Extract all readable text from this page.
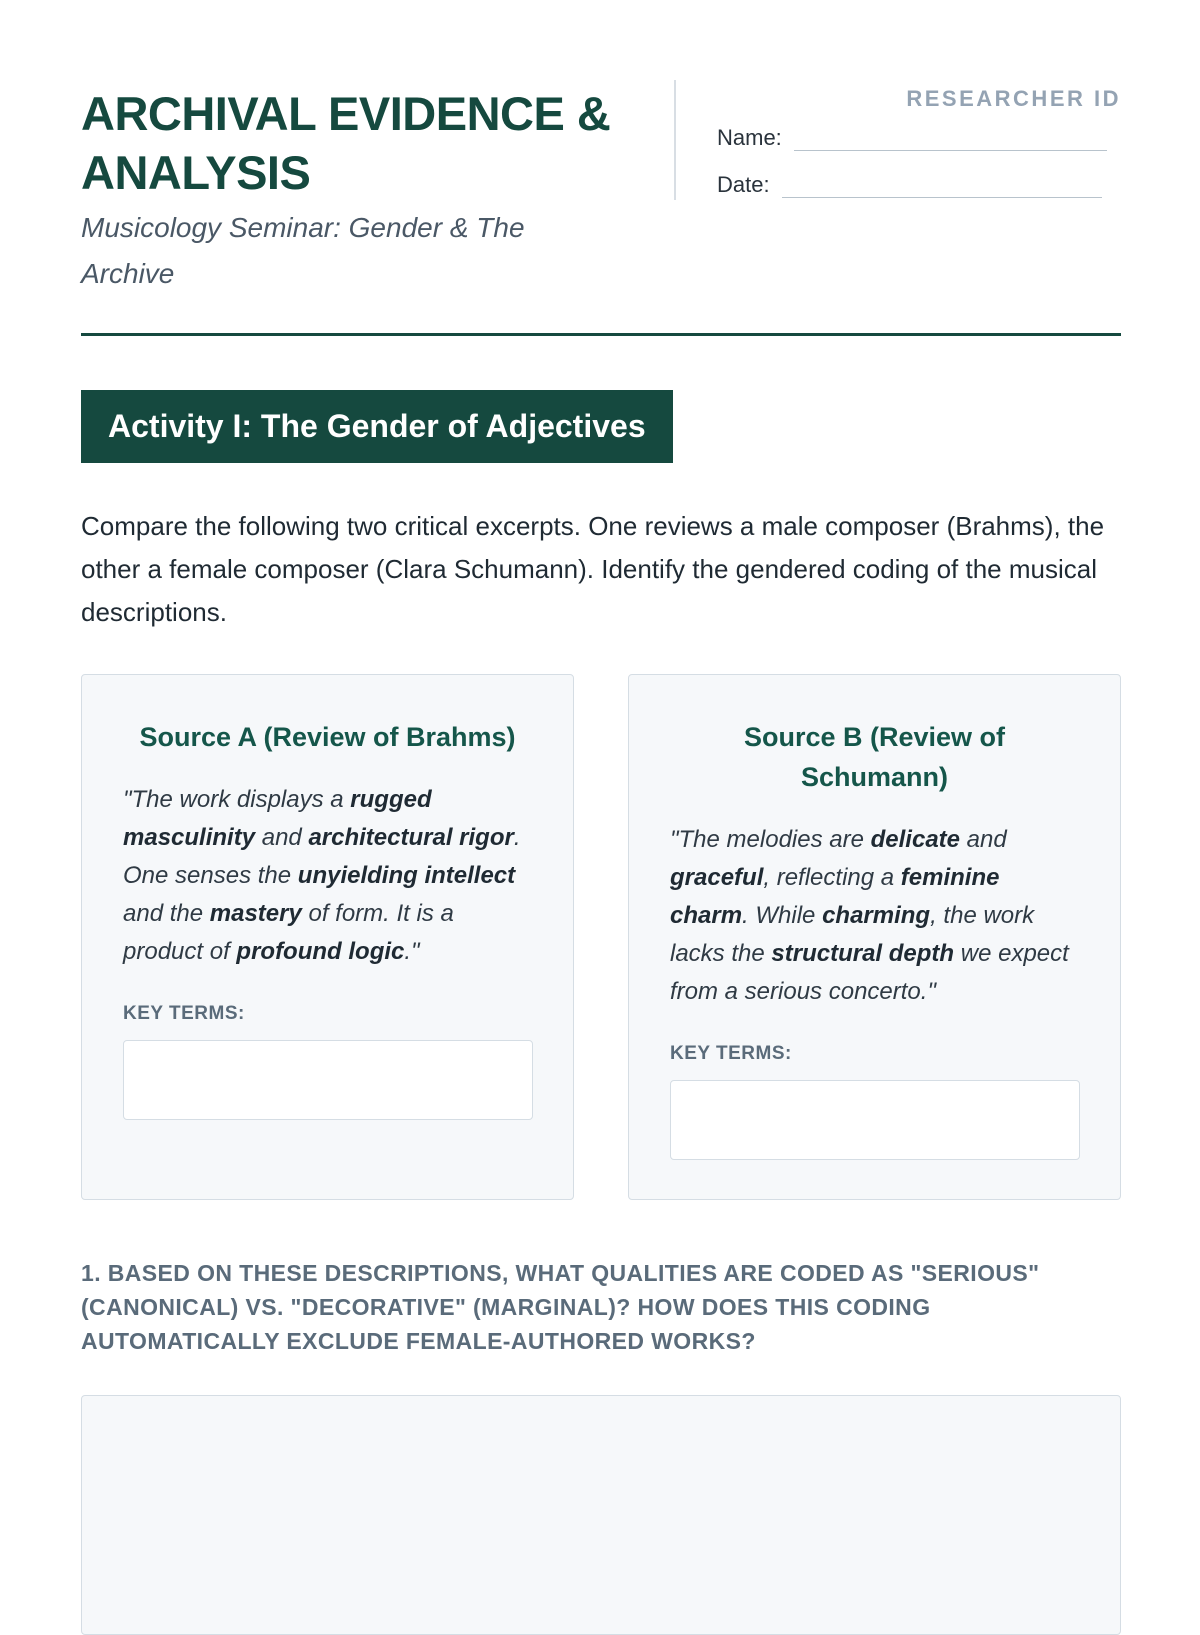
ARCHIVAL EVIDENCE & ANALYSIS

Musicology Seminar: Gender & The Archive

RESEARCHER ID
Name:
Date:
Activity I: The Gender of Adjectives

Compare the following two critical excerpts. One reviews a male composer (Brahms), the other a female composer (Clara Schumann). Identify the gendered coding of the musical descriptions.

Source A (Review of Brahms)

"The work displays a rugged masculinity and architectural rigor. One senses the unyielding intellect and the mastery of form. It is a product of profound logic."

KEY TERMS:
Source B (Review of Schumann)

"The melodies are delicate and graceful, reflecting a feminine charm. While charming, the work lacks the structural depth we expect from a serious concerto."

KEY TERMS:

1. BASED ON THESE DESCRIPTIONS, WHAT QUALITIES ARE CODED AS "SERIOUS" (CANONICAL) VS. "DECORATIVE" (MARGINAL)? HOW DOES THIS CODING AUTOMATICALLY EXCLUDE FEMALE-AUTHORED WORKS?
